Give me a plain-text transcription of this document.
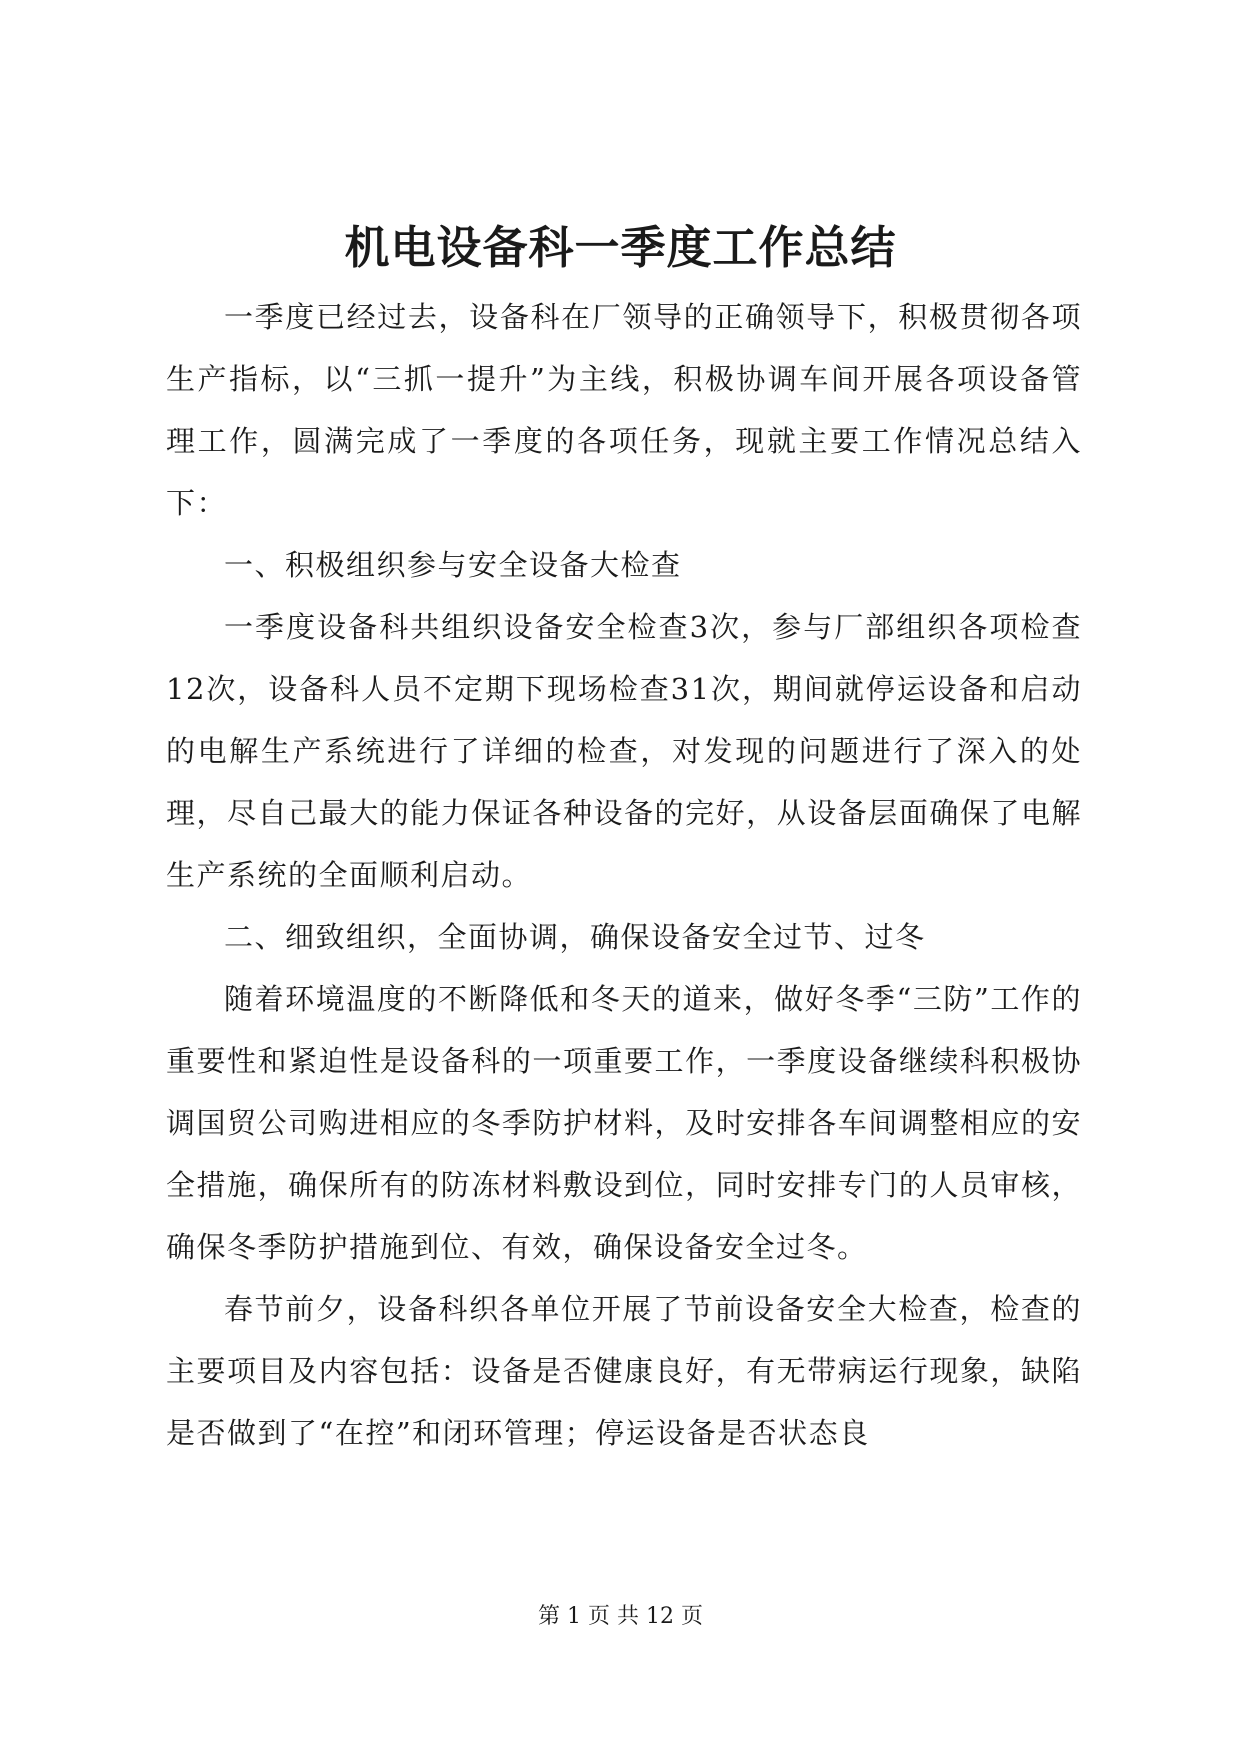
机电设备科一季度工作总结

一季度已经过去，设备科在厂领导的正确领导下，积极贯彻各项生产指标，以“三抓一提升”为主线，积极协调车间开展各项设备管理工作，圆满完成了一季度的各项任务，现就主要工作情况总结入下：

一、积极组织参与安全设备大检查

一季度设备科共组织设备安全检查3次，参与厂部组织各项检查12次，设备科人员不定期下现场检查31次，期间就停运设备和启动的电解生产系统进行了详细的检查，对发现的问题进行了深入的处理，尽自己最大的能力保证各种设备的完好，从设备层面确保了电解生产系统的全面顺利启动。

二、细致组织，全面协调，确保设备安全过节、过冬

随着环境温度的不断降低和冬天的道来，做好冬季“三防”工作的重要性和紧迫性是设备科的一项重要工作，一季度设备继续科积极协调国贸公司购进相应的冬季防护材料，及时安排各车间调整相应的安全措施，确保所有的防冻材料敷设到位，同时安排专门的人员审核，确保冬季防护措施到位、有效，确保设备安全过冬。

春节前夕，设备科织各单位开展了节前设备安全大检查，检查的主要项目及内容包括：设备是否健康良好，有无带病运行现象，缺陷是否做到了“在控”和闭环管理；停运设备是否状态良

第 1 页 共 12 页
